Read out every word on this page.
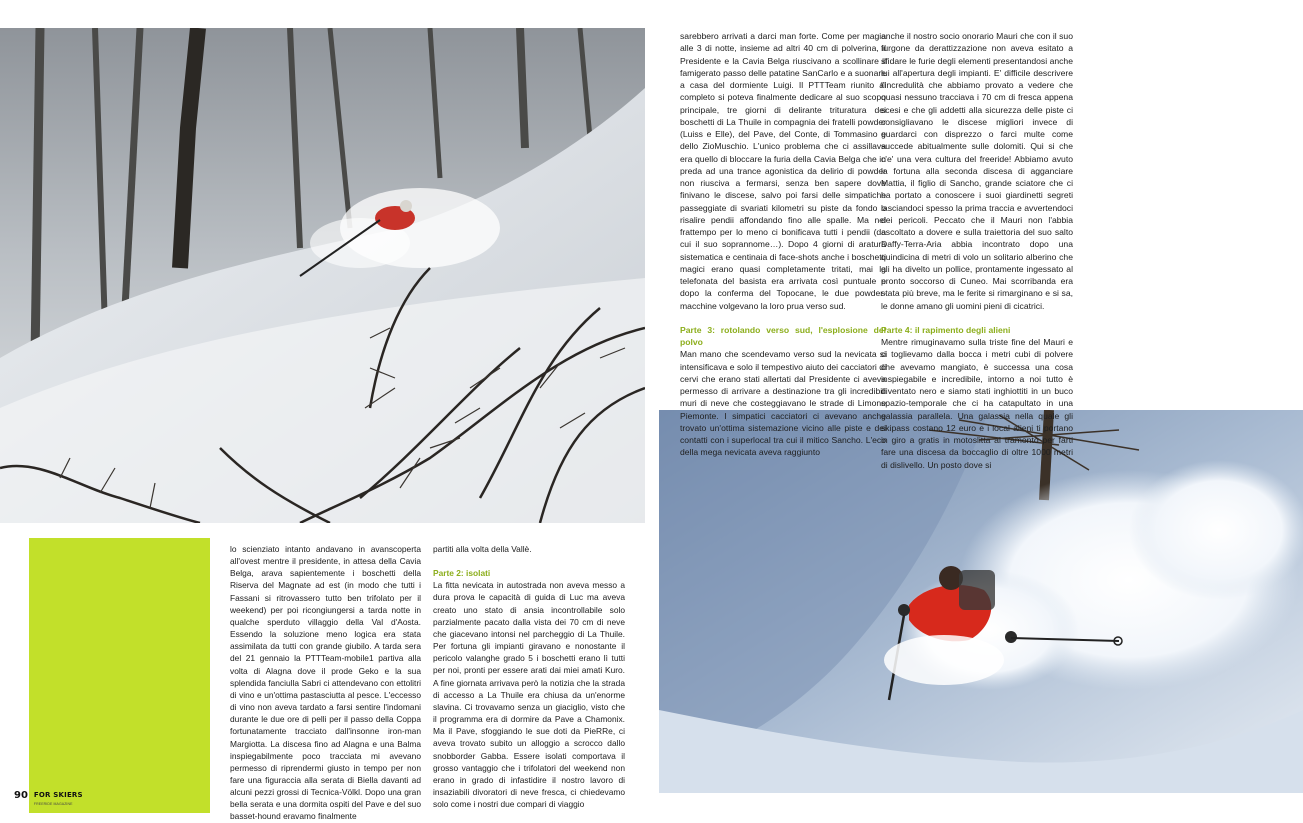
sarebbero arrivati a darci man forte. Come per magia alle 3 di notte, insieme ad altri 40 cm di polverina, il Presidente e la Cavia Belga riuscivano a scollinare il famigerato passo delle patatine SanCarlo e a suonare a casa del dormiente Luigi. Il PTTTeam riunito al completo si poteva finalmente dedicare al suo scopo principale, tre giorni di delirante trituratura dei boschetti di La Thuile in compagnia dei fratelli powder (Luiss e Elle), del Pave, del Conte, di Tommasino e dello ZioMuschio. L'unico problema che ci assillava era quello di bloccare la furia della Cavia Belga che in preda ad una trance agonistica da delirio di powder non riusciva a fermarsi, senza ben sapere dove finivano le discese, salvo poi farsi delle simpatiche passeggiate di svariati kilometri su piste da fondo o risalire pendii affondando fino alle spalle. Ma nel frattempo per lo meno ci bonificava tutti i pendii (da cui il suo soprannome…). Dopo 4 giorni di aratura sistematica e centinaia di face-shots anche i boschetti magici erano quasi completamente tritati, mai la telefonata del basista era arrivata così puntuale e dopo la conferma del Topocane, le due powder-macchine volgevano la loro prua verso sud.

Parte 3: rotolando verso sud, l'esplosione del polvo

Man mano che scendevamo verso sud la nevicata si intensificava e solo il tempestivo aiuto dei cacciatori di cervi che erano stati allertati dal Presidente ci aveva permesso di arrivare a destinazione tra gli incredibili muri di neve che costeggiavano le strade di Limone Piemonte. I simpatici cacciatori ci avevano anche trovato un'ottima sistemazione vicino alle piste e dei contatti con i superlocal tra cui il mitico Sancho. L'eco della mega nevicata aveva raggiunto

anche il nostro socio onorario Mauri che con il suo furgone da derattizzazione non aveva esitato a sfidare le furie degli elementi presentandosi anche lui all'apertura degli impianti. E' difficile descrivere l'incredulità che abbiamo provato a vedere che quasi nessuno tracciava i 70 cm di fresca appena scesi e che gli addetti alla sicurezza delle piste ci consigliavano le discese migliori invece di guardarci con disprezzo o farci multe come succede abitualmente sulle dolomiti. Qui si che c'e' una vera cultura del freeride! Abbiamo avuto la fortuna alla seconda discesa di agganciare Mattia, il figlio di Sancho, grande sciatore che ci ha portato a conoscere i suoi giardinetti segreti lasciandoci spesso la prima traccia e avvertendoci dei pericoli. Peccato che il Mauri non l'abbia ascoltato a dovere e sulla traiettoria del suo salto Daffy-Terra-Aria abbia incontrato dopo una quindicina di metri di volo un solitario alberino che gli ha divelto un pollice, prontamente ingessato al pronto soccorso di Cuneo. Mai scorribanda era stata più breve, ma le ferite si rimarginano e si sa, le donne amano gli uomini pieni di cicatrici.

Parte 4: il rapimento degli alieni

Mentre rimuginavamo sulla triste fine del Mauri e ci toglievamo dalla bocca i metri cubi di polvere che avevamo mangiato, è successa una cosa inspiegabile e incredibile, intorno a noi tutto è diventato nero e siamo stati inghiottiti in un buco spazio-temporale che ci ha catapultato in una galassia parallela. Una galassia nella quale gli skipass costano 12 euro e i local alieni ti portano in giro a gratis in motoslitta al tramonto per farti fare una discesa da boccaglio di oltre 1000 metri di dislivello. Un posto dove si

lo scienziato intanto andavano in avanscoperta all'ovest mentre il presidente, in attesa della Cavia Belga, arava sapientemente i boschetti della Riserva del Magnate ad est (in modo che tutti i Fassani si ritrovassero tutto ben trifolato per il weekend) per poi ricongiungersi a tarda notte in qualche sperduto villaggio della Val d'Aosta. Essendo la soluzione meno logica era stata assimilata da tutti con grande giubilo. A tarda sera del 21 gennaio la PTTTeam-mobile1 partiva alla volta di Alagna dove il prode Geko e la sua splendida fanciulla Sabri ci attendevano con ettolitri di vino e un'ottima pastasciutta al pesce. L'eccesso di vino non aveva tardato a farsi sentire l'indomani durante le due ore di pelli per il passo della Coppa fortunatamente tracciato dall'insonne iron-man Margiotta. La discesa fino ad Alagna e una Balma inspiegabilmente poco tracciata mi avevano permesso di riprendermi giusto in tempo per non fare una figuraccia alla serata di Biella davanti ad alcuni pezzi grossi di Tecnica-Völkl. Dopo una gran bella serata e una dormita ospiti del Pave e del suo basset-hound eravamo finalmente

partiti alla volta della Vallè.

Parte 2: isolati

La fitta nevicata in autostrada non aveva messo a dura prova le capacità di guida di Luc ma aveva creato uno stato di ansia incontrollabile solo parzialmente pacato dalla vista dei 70 cm di neve che giacevano intonsi nel parcheggio di La Thuile. Per fortuna gli impianti giravano e nonostante il pericolo valanghe grado 5 i boschetti erano lì tutti per noi, pronti per essere arati dai miei amati Kuro. A fine giornata arrivava però la notizia che la strada di accesso a La Thuile era chiusa da un'enorme slavina. Ci trovavamo senza un giaciglio, visto che il programma era di dormire da Pave a Chamonix. Ma il Pave, sfoggiando le sue doti da PieRRe, ci aveva trovato subito un alloggio a scrocco dallo snobborder Gabba. Essere isolati comportava il grosso vantaggio che i trifolatori del weekend non erano in grado di infastidire il nostro lavoro di insaziabili divoratori di neve fresca, ci chiedevamo solo come i nostri due compari di viaggio

90 FOR SKIERS
FREERIDE MAGAZINE
